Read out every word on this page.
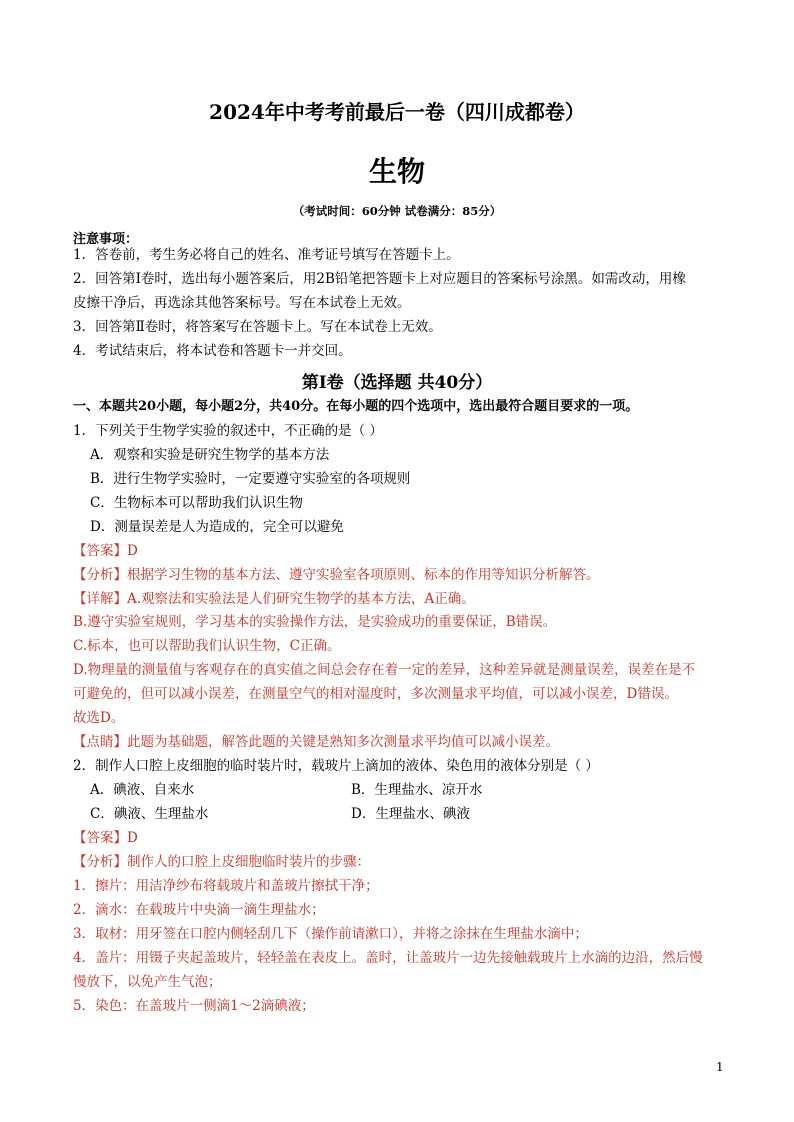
2024年中考考前最后一卷（四川成都卷）
生物
（考试时间：60分钟 试卷满分：85分）
注意事项：
1．答卷前，考生务必将自己的姓名、准考证号填写在答题卡上。
2．回答第Ⅰ卷时，选出每小题答案后，用2B铅笔把答题卡上对应题目的答案标号涂黑。如需改动，用橡
皮擦干净后，再选涂其他答案标号。写在本试卷上无效。
3．回答第Ⅱ卷时，将答案写在答题卡上。写在本试卷上无效。
4．考试结束后，将本试卷和答题卡一并交回。
第Ⅰ卷（选择题 共40分）
一、本题共20小题，每小题2分，共40分。在每小题的四个选项中，选出最符合题目要求的一项。
1．下列关于生物学实验的叙述中，不正确的是（ ）
A．观察和实验是研究生物学的基本方法
B．进行生物学实验时，一定要遵守实验室的各项规则
C．生物标本可以帮助我们认识生物
D．测量误差是人为造成的，完全可以避免
【答案】D
【分析】根据学习生物的基本方法、遵守实验室各项原则、标本的作用等知识分析解答。
【详解】A.观察法和实验法是人们研究生物学的基本方法，A正确。
B.遵守实验室规则，学习基本的实验操作方法，是实验成功的重要保证，B错误。
C.标本，也可以帮助我们认识生物，C正确。
D.物理量的测量值与客观存在的真实值之间总会存在着一定的差异，这种差异就是测量误差，误差在是不
可避免的，但可以减小误差，在测量空气的相对湿度时，多次测量求平均值，可以减小误差，D错误。
故选D。
【点睛】此题为基础题，解答此题的关键是熟知多次测量求平均值可以减小误差。
2．制作人口腔上皮细胞的临时装片时，载玻片上滴加的液体、染色用的液体分别是（ ）
A．碘液、自来水	B．生理盐水、凉开水
C．碘液、生理盐水	D．生理盐水、碘液
【答案】D
【分析】制作人的口腔上皮细胞临时装片的步骤：
1．擦片：用洁净纱布将载玻片和盖玻片擦拭干净；
2．滴水：在载玻片中央滴一滴生理盐水；
3．取材：用牙签在口腔内侧轻刮几下（操作前请漱口），并将之涂抹在生理盐水滴中；
4．盖片：用镊子夹起盖玻片，轻轻盖在表皮上。盖时，让盖玻片一边先接触载玻片上水滴的边沿，然后慢
慢放下，以免产生气泡；
5．染色：在盖玻片一侧滴1～2滴碘液；
1
